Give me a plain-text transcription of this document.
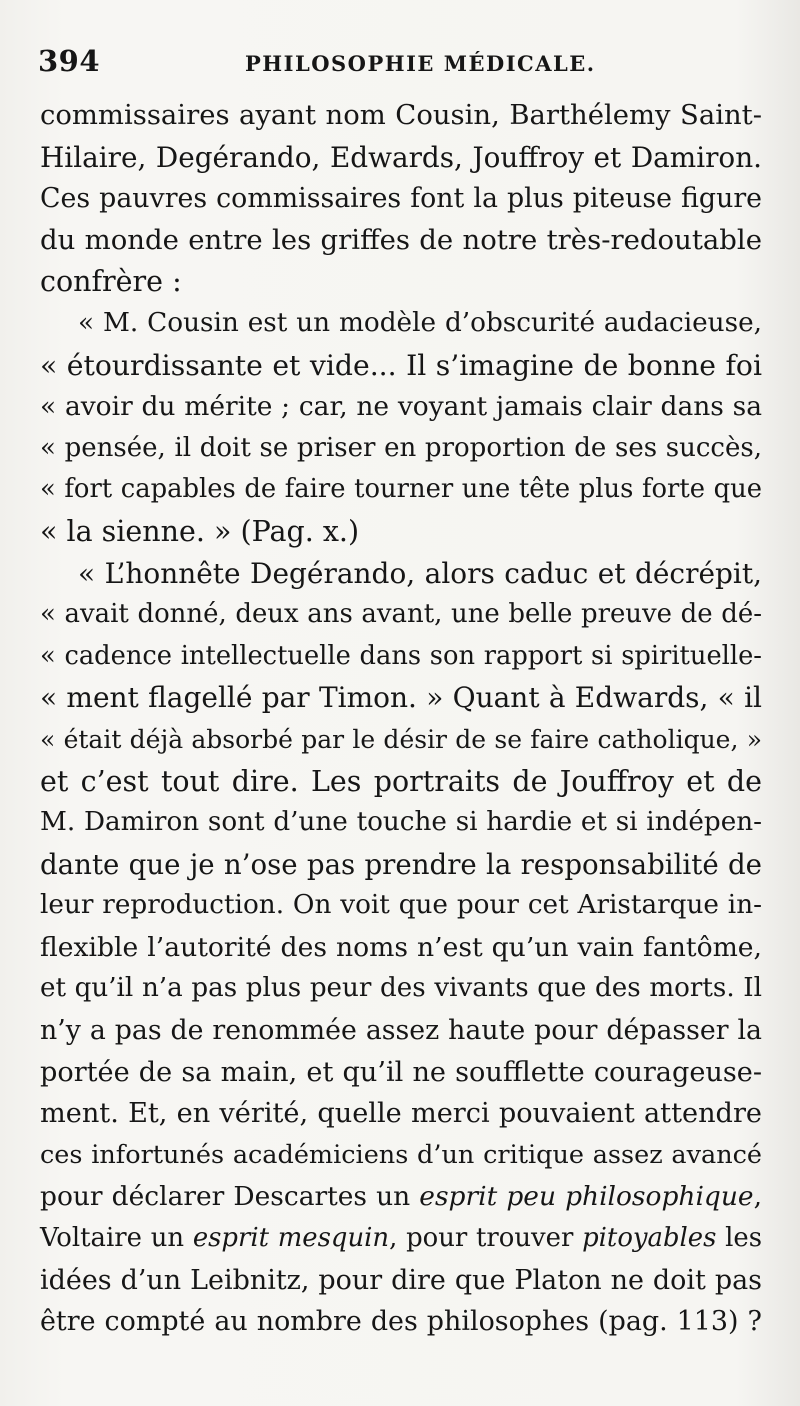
394	PHILOSOPHIE MÉDICALE.
commissaires ayant nom Cousin, Barthélemy Saint-
Hilaire, Degérando, Edwards, Jouffroy et Damiron.
Ces pauvres commissaires font la plus piteuse figure
du monde entre les griffes de notre très-redoutable
confrère :
« M. Cousin est un modèle d’obscurité audacieuse,
« étourdissante et vide... Il s’imagine de bonne foi
« avoir du mérite ; car, ne voyant jamais clair dans sa
« pensée, il doit se priser en proportion de ses succès,
« fort capables de faire tourner une tête plus forte que
« la sienne. » (Pag. x.)
« L’honnête Degérando, alors caduc et décrépit,
« avait donné, deux ans avant, une belle preuve de dé-
« cadence intellectuelle dans son rapport si spirituelle-
« ment flagellé par Timon. » Quant à Edwards, « il
« était déjà absorbé par le désir de se faire catholique, »
et c’est tout dire. Les portraits de Jouffroy et de
M. Damiron sont d’une touche si hardie et si indépen-
dante que je n’ose pas prendre la responsabilité de
leur reproduction. On voit que pour cet Aristarque in-
flexible l’autorité des noms n’est qu’un vain fantôme,
et qu’il n’a pas plus peur des vivants que des morts. Il
n’y a pas de renommée assez haute pour dépasser la
portée de sa main, et qu’il ne soufflette courageuse-
ment. Et, en vérité, quelle merci pouvaient attendre
ces infortunés académiciens d’un critique assez avancé
pour déclarer Descartes un esprit peu philosophique,
Voltaire un esprit mesquin, pour trouver pitoyables les
idées d’un Leibnitz, pour dire que Platon ne doit pas
être compté au nombre des philosophes (pag. 113) ?
